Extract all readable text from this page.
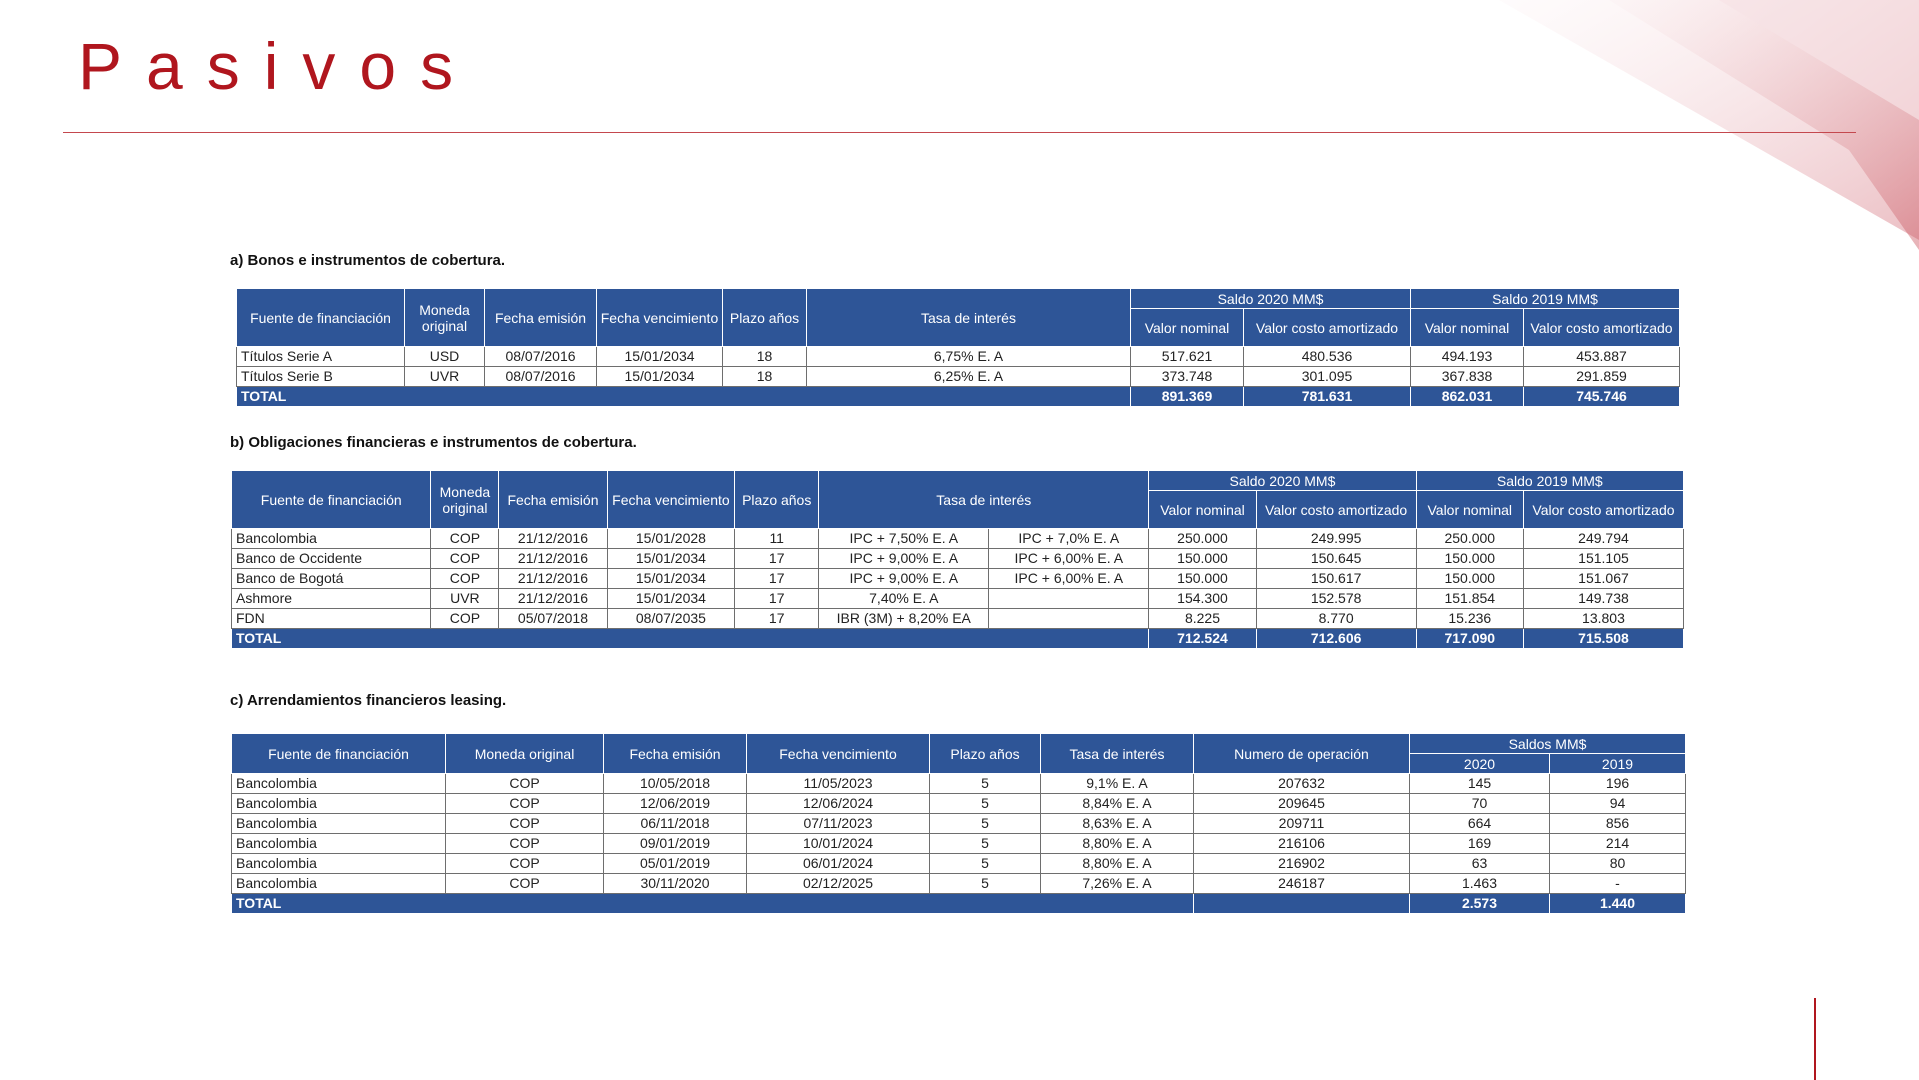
Pasivos

a) Bonos e instrumentos de cobertura.

Fuente de financiación	Moneda original	Fecha emisión	Fecha vencimiento	Plazo años	Tasa de interés	Saldo 2020 MM$		Saldo 2019 MM$	
						Valor nominal	Valor costo amortizado	Valor nominal	Valor costo amortizado
Títulos Serie A	USD	08/07/2016	15/01/2034	18	6,75% E. A	517.621	480.536	494.193	453.887
Títulos Serie B	UVR	08/07/2016	15/01/2034	18	6,25% E. A	373.748	301.095	367.838	291.859
TOTAL						891.369	781.631	862.031	745.746

b) Obligaciones financieras e instrumentos de cobertura.

Fuente de financiación	Moneda original	Fecha emisión	Fecha vencimiento	Plazo años	Tasa de interés		Saldo 2020 MM$		Saldo 2019 MM$	
							Valor nominal	Valor costo amortizado	Valor nominal	Valor costo amortizado
Bancolombia	COP	21/12/2016	15/01/2028	11	IPC + 7,50% E. A	IPC + 7,0% E. A	250.000	249.995	250.000	249.794
Banco de Occidente	COP	21/12/2016	15/01/2034	17	IPC + 9,00% E. A	IPC + 6,00% E. A	150.000	150.645	150.000	151.105
Banco de Bogotá	COP	21/12/2016	15/01/2034	17	IPC + 9,00% E. A	IPC + 6,00% E. A	150.000	150.617	150.000	151.067
Ashmore	UVR	21/12/2016	15/01/2034	17	7,40% E. A		154.300	152.578	151.854	149.738
FDN	COP	05/07/2018	08/07/2035	17	IBR (3M) + 8,20% EA		8.225	8.770	15.236	13.803
TOTAL							712.524	712.606	717.090	715.508

c) Arrendamientos financieros leasing.

Fuente de financiación	Moneda original	Fecha emisión	Fecha vencimiento	Plazo años	Tasa de interés	Numero de operación	Saldos MM$	
							2020	2019
Bancolombia	COP	10/05/2018	11/05/2023	5	9,1% E. A	207632	145	196
Bancolombia	COP	12/06/2019	12/06/2024	5	8,84% E. A	209645	70	94
Bancolombia	COP	06/11/2018	07/11/2023	5	8,63% E. A	209711	664	856
Bancolombia	COP	09/01/2019	10/01/2024	5	8,80% E. A	216106	169	214
Bancolombia	COP	05/01/2019	06/01/2024	5	8,80% E. A	216902	63	80
Bancolombia	COP	30/11/2020	02/12/2025	5	7,26% E. A	246187	1.463	-
TOTAL							2.573	1.440
